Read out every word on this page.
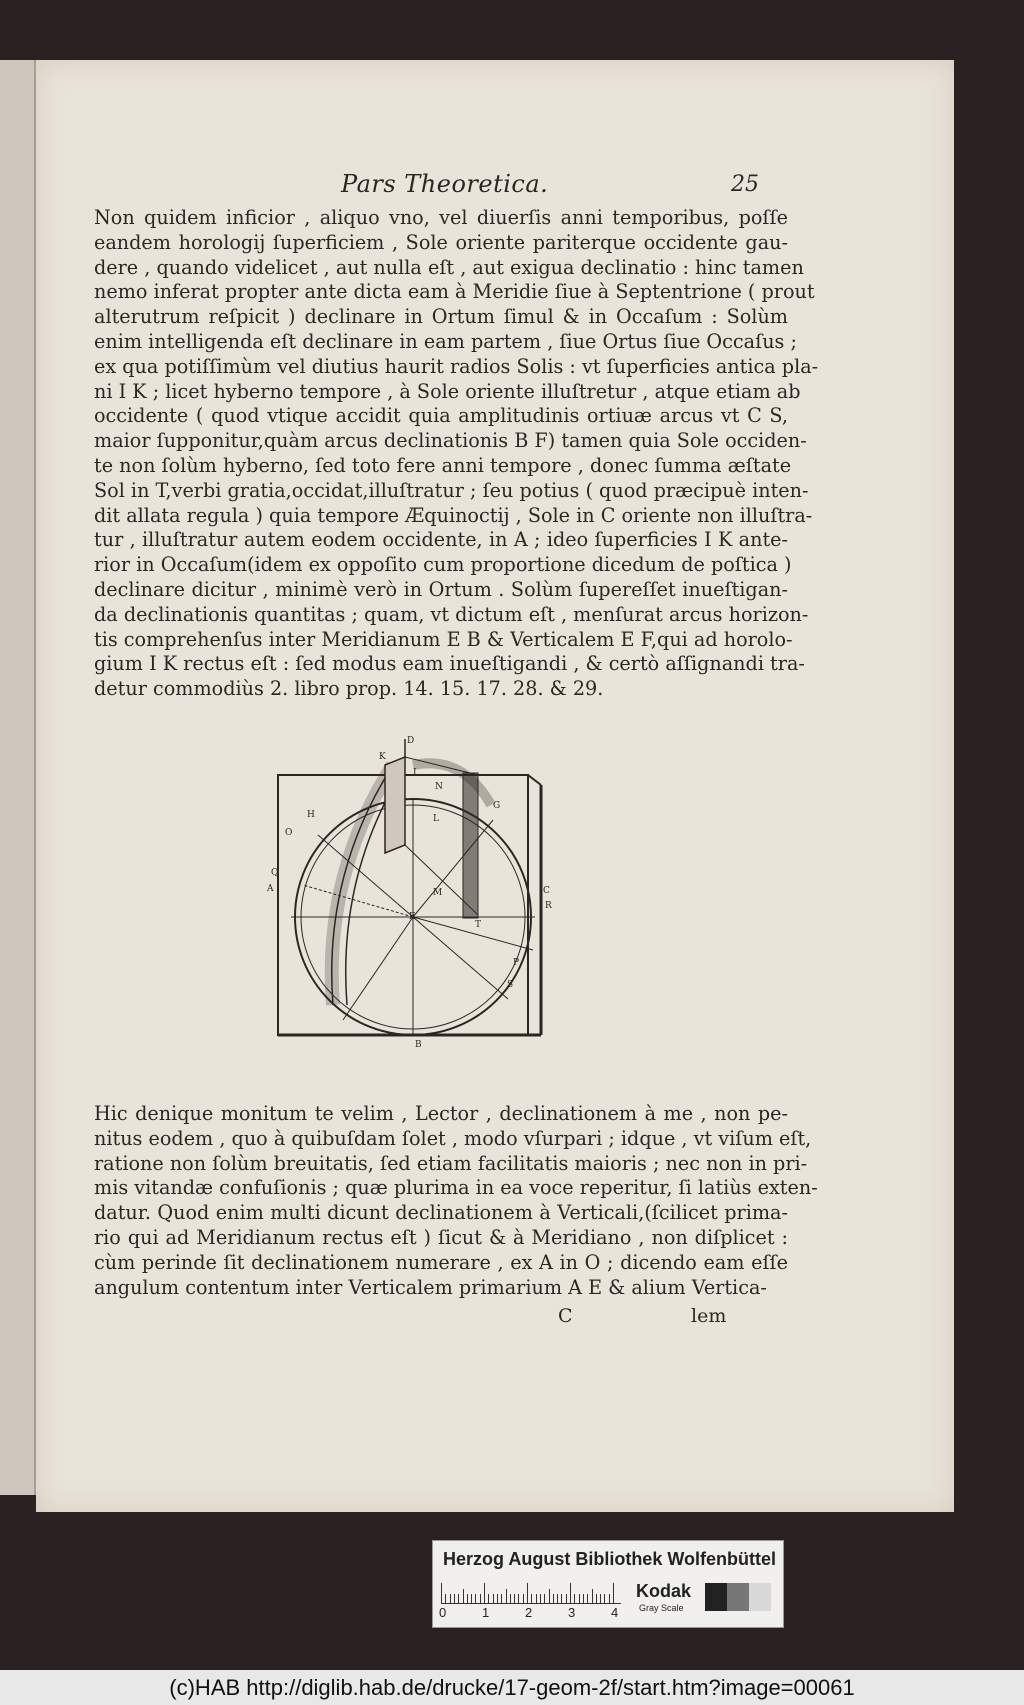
Pars Theoretica.	25
Non quidem inficior , aliquo vno, vel diuerſis anni temporibus, poſſe
eandem horologij ſuperficiem , Sole oriente pariterque occidente gau-
dere , quando videlicet , aut nulla eſt , aut exigua declinatio : hinc tamen
nemo inferat propter ante dicta eam à Meridie ſiue à Septentrione ( prout
alterutrum reſpicit ) declinare in Ortum ſimul & in Occaſum : Solùm
enim intelligenda eſt declinare in eam partem , ſiue Ortus ſiue Occaſus ;
ex qua potiſſimùm vel diutius haurit radios Solis : vt ſuperficies antica pla-
ni I K ; licet hyberno tempore , à Sole oriente illuſtretur , atque etiam ab
occidente ( quod vtique accidit quia amplitudinis ortiuæ arcus vt C S,
maior ſupponitur,quàm arcus declinationis B F) tamen quia Sole occiden-
te non ſolùm hyberno, ſed toto fere anni tempore , donec ſumma æſtate
Sol in T,verbi gratia,occidat,illuſtratur ; ſeu potius ( quod præcipuè inten-
dit allata regula ) quia tempore Æquinoctij , Sole in C oriente non illuſtra-
tur , illuſtratur autem eodem occidente, in A ; ideo ſuperficies I K ante-
rior in Occaſum(idem ex oppoſito cum proportione dicedum de poſtica )
declinare dicitur , minimè verò in Ortum . Solùm ſupereſſet inueſtigan-
da declinationis quantitas ; quam, vt dictum eſt , menſurat arcus horizon-
tis comprehenſus inter Meridianum E B & Verticalem E F,qui ad horolo-
gium I K rectus eſt : ſed modus eam inueſtigandi , & certò aſſignandi tra-
detur commodiùs 2. libro prop. 14. 15. 17. 28. & 29.
K
D
I
N
G
O
L
H
Q
M
A
E
C
R
T
P
S
B
Hic denique monitum te velim , Lector , declinationem à me , non pe-
nitus eodem , quo à quibuſdam ſolet , modo vſurpari ; idque , vt viſum eſt,
ratione non ſolùm breuitatis, ſed etiam facilitatis maioris ; nec non in pri-
mis vitandæ confuſionis ; quæ plurima in ea voce reperitur, ſi latiùs exten-
datur. Quod enim multi dicunt declinationem à Verticali,(ſcilicet prima-
rio qui ad Meridianum rectus eſt ) ſicut & à Meridiano , non diſplicet :
cùm perinde ſit declinationem numerare , ex A in O ; dicendo eam eſſe
angulum contentum inter Verticalem primarium A E & alium Vertica-
C	lem
Herzog August Bibliothek Wolfenbüttel
Kodak
Gray Scale
0	1	2	3	4
(c)HAB http://diglib.hab.de/drucke/17-geom-2f/start.htm?image=00061
